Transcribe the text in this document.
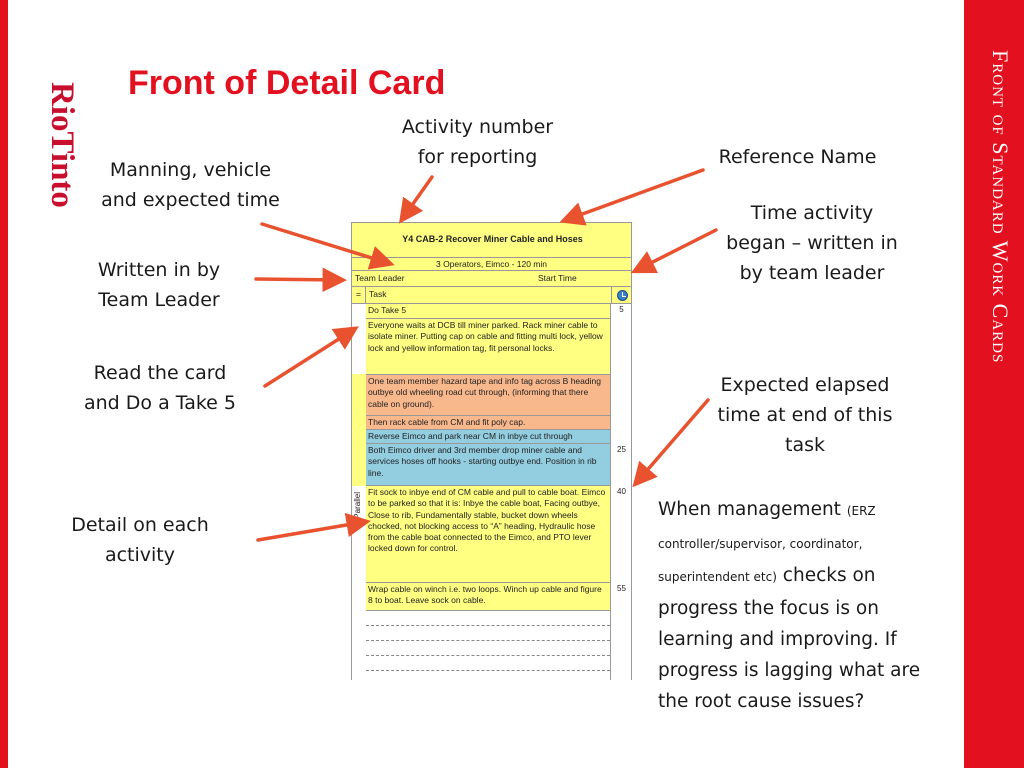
Front of Standard Work Cards
RioTinto Front of Detail Card
Activity number
for reporting
Manning, vehicle
and expected time
Reference Name
Time activity
began – written in
by team leader
Written in by
Team Leader
Read the card
and Do a Take 5
Expected elapsed
time at end of this
task
Detail on each
activity
When management (ERZ controller/supervisor, coordinator, superintendent etc) checks on progress the focus is on learning and improving. If progress is lagging what are the root cause issues?
Y4 CAB-2 Recover Miner Cable and Hoses
3 Operators, Eimco - 120 min
Team Leader	Start Time
= Task
Parallel
Do Take 5	5
Everyone waits at DCB till miner parked. Rack miner cable to isolate miner. Putting cap on cable and fitting multi lock, yellow lock and yellow information tag, fit personal locks.
One team member hazard tape and info tag across B heading outbye old wheeling road cut through, (informing that there cable on ground).
Then rack cable from CM and fit poly cap.
Reverse Eimco and park near CM in inbye cut through
Both Eimco driver and 3rd member drop miner cable and services hoses off hooks - starting outbye end. Position in rib line.
25
Fit sock to inbye end of CM cable and pull to cable boat. Eimco to be parked so that it is: Inbye the cable boat, Facing outbye, Close to rib, Fundamentally stable, bucket down wheels chocked, not blocking access to “A” heading, Hydraulic hose from the cable boat connected to the Eimco, and PTO lever locked down for control.
40
Wrap cable on winch i.e. two loops. Winch up cable and figure 8 to boat. Leave sock on cable.
55
